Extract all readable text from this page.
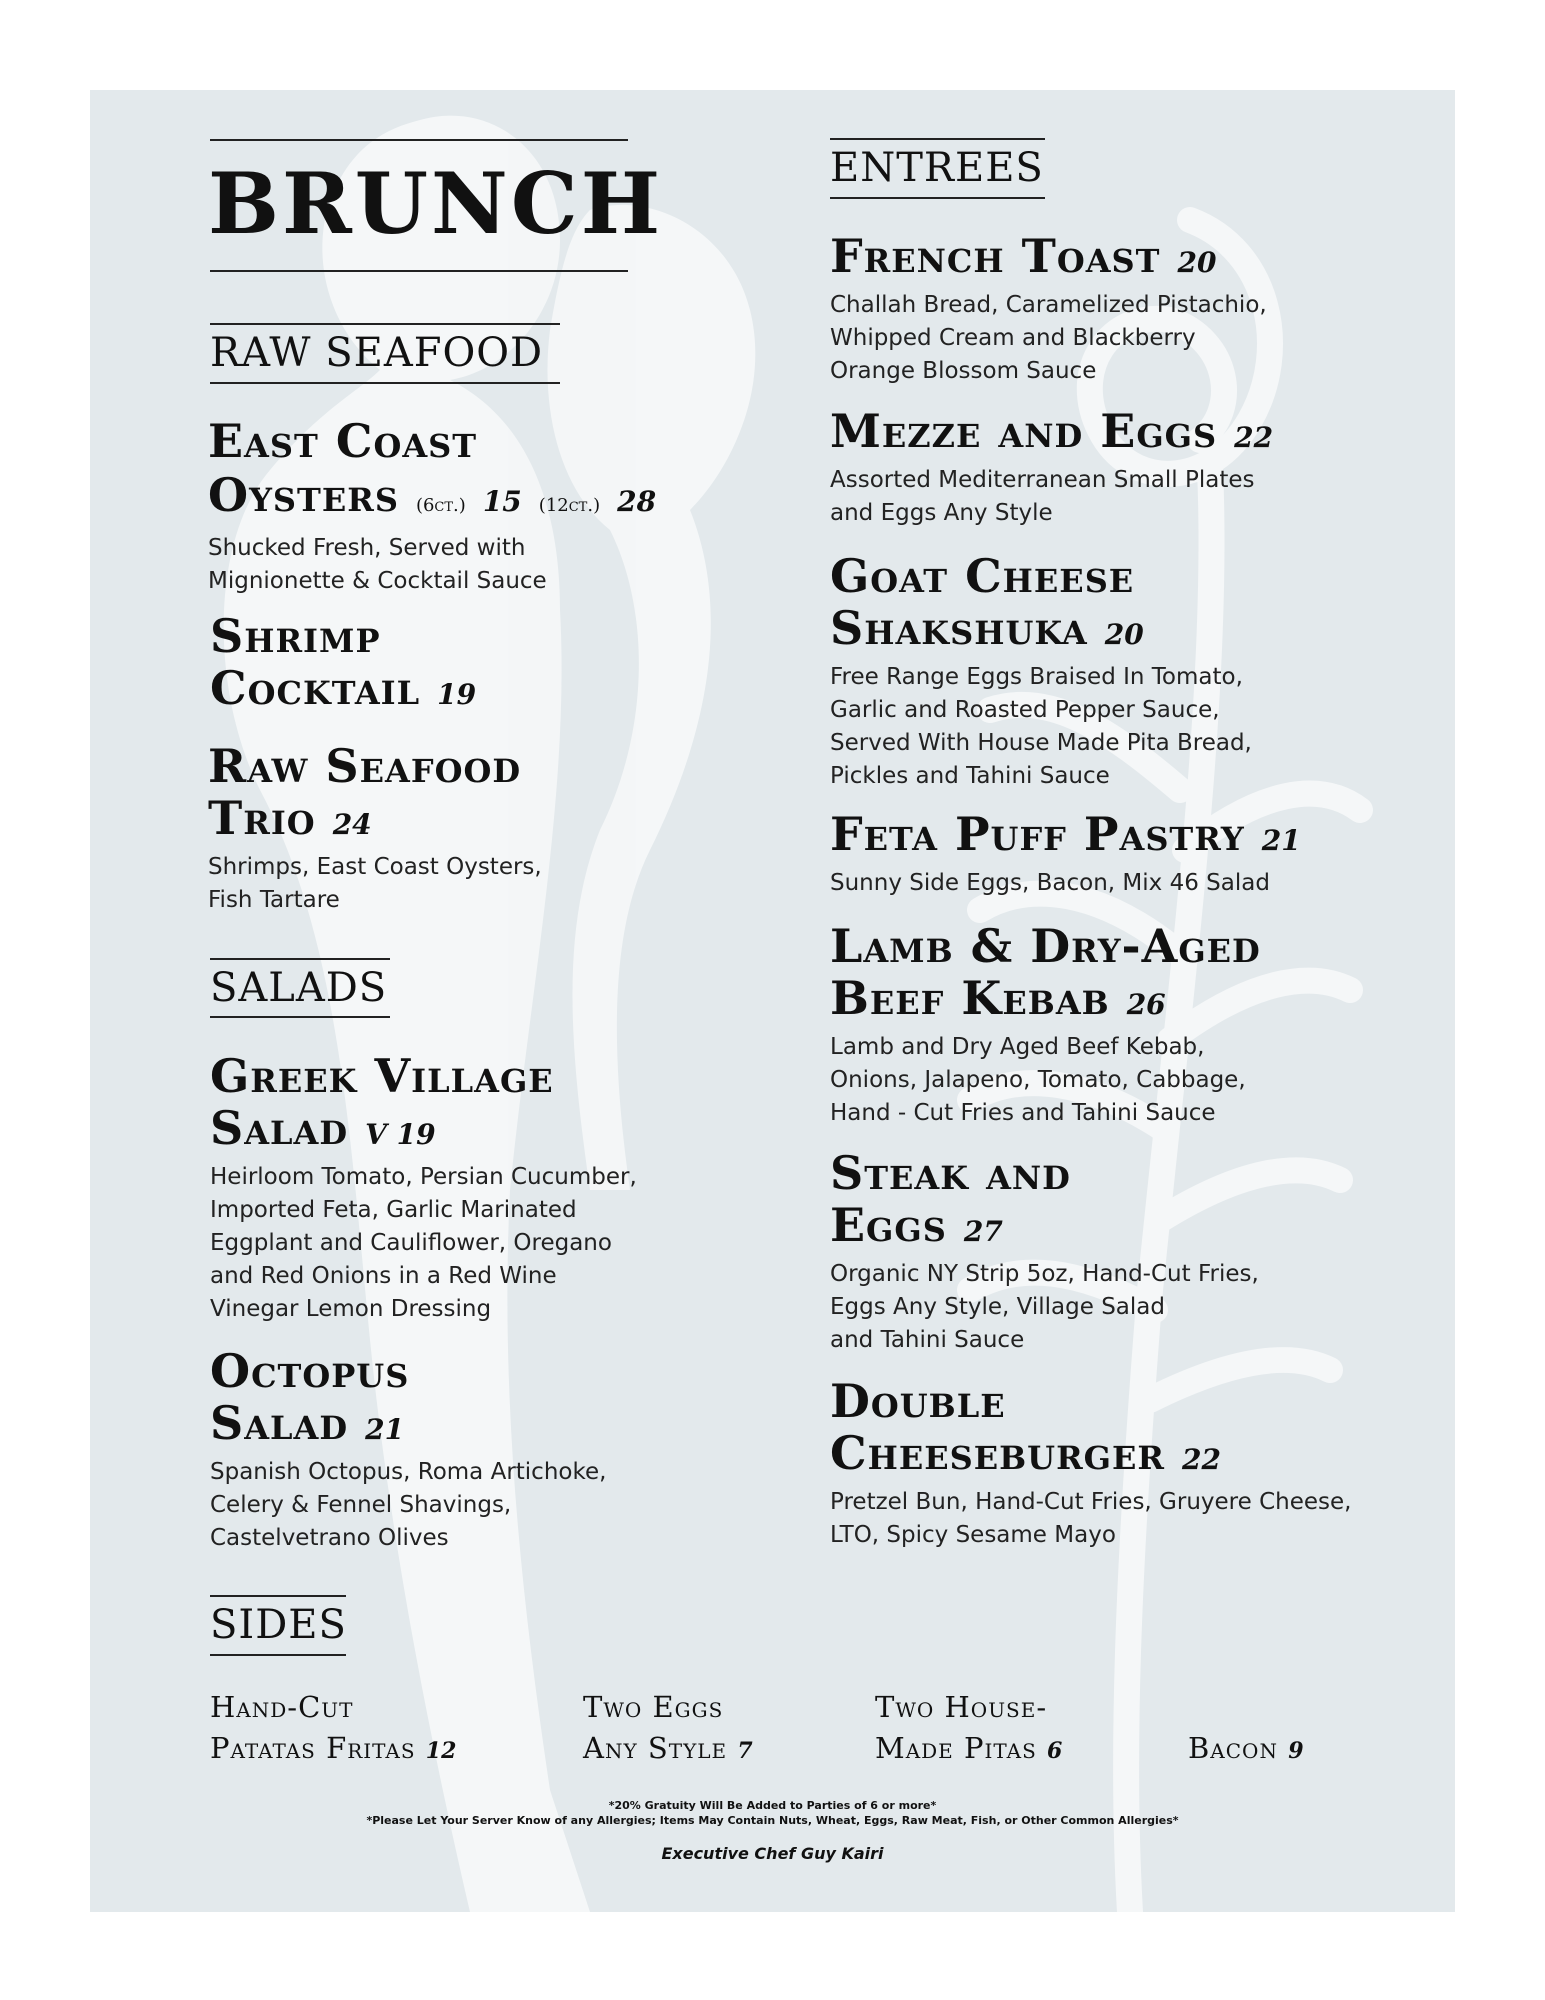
BRUNCH
RAW SEAFOOD
East Coast
Oysters (6ct.) 15 (12ct.) 28
Shucked Fresh, Served with
Mignionette & Cocktail Sauce
Shrimp
Cocktail 19
Raw Seafood
Trio 24
Shrimps, East Coast Oysters,
Fish Tartare
SALADS
Greek Village
Salad V 19
Heirloom Tomato, Persian Cucumber,
Imported Feta, Garlic Marinated
Eggplant and Cauliflower, Oregano
and Red Onions in a Red Wine
Vinegar Lemon Dressing
Octopus
Salad 21
Spanish Octopus, Roma Artichoke,
Celery & Fennel Shavings,
Castelvetrano Olives
ENTREES
French Toast 20
Challah Bread, Caramelized Pistachio,
Whipped Cream and Blackberry
Orange Blossom Sauce
Mezze and Eggs 22
Assorted Mediterranean Small Plates
and Eggs Any Style
Goat Cheese
Shakshuka 20
Free Range Eggs Braised In Tomato,
Garlic and Roasted Pepper Sauce,
Served With House Made Pita Bread,
Pickles and Tahini Sauce
Feta Puff Pastry 21
Sunny Side Eggs, Bacon, Mix 46 Salad
Lamb & Dry-Aged
Beef Kebab 26
Lamb and Dry Aged Beef Kebab,
Onions, Jalapeno, Tomato, Cabbage,
Hand - Cut Fries and Tahini Sauce
Steak and
Eggs 27
Organic NY Strip 5oz, Hand-Cut Fries,
Eggs Any Style, Village Salad
and Tahini Sauce
Double
Cheeseburger 22
Pretzel Bun, Hand-Cut Fries, Gruyere Cheese,
LTO, Spicy Sesame Mayo
SIDES
Hand-Cut
Patatas Fritas 12
Two Eggs
Any Style 7
Two House-
Made Pitas 6	Bacon 9
*20% Gratuity Will Be Added to Parties of 6 or more*
*Please Let Your Server Know of any Allergies; Items May Contain Nuts, Wheat, Eggs, Raw Meat, Fish, or Other Common Allergies*
Executive Chef Guy Kairi
